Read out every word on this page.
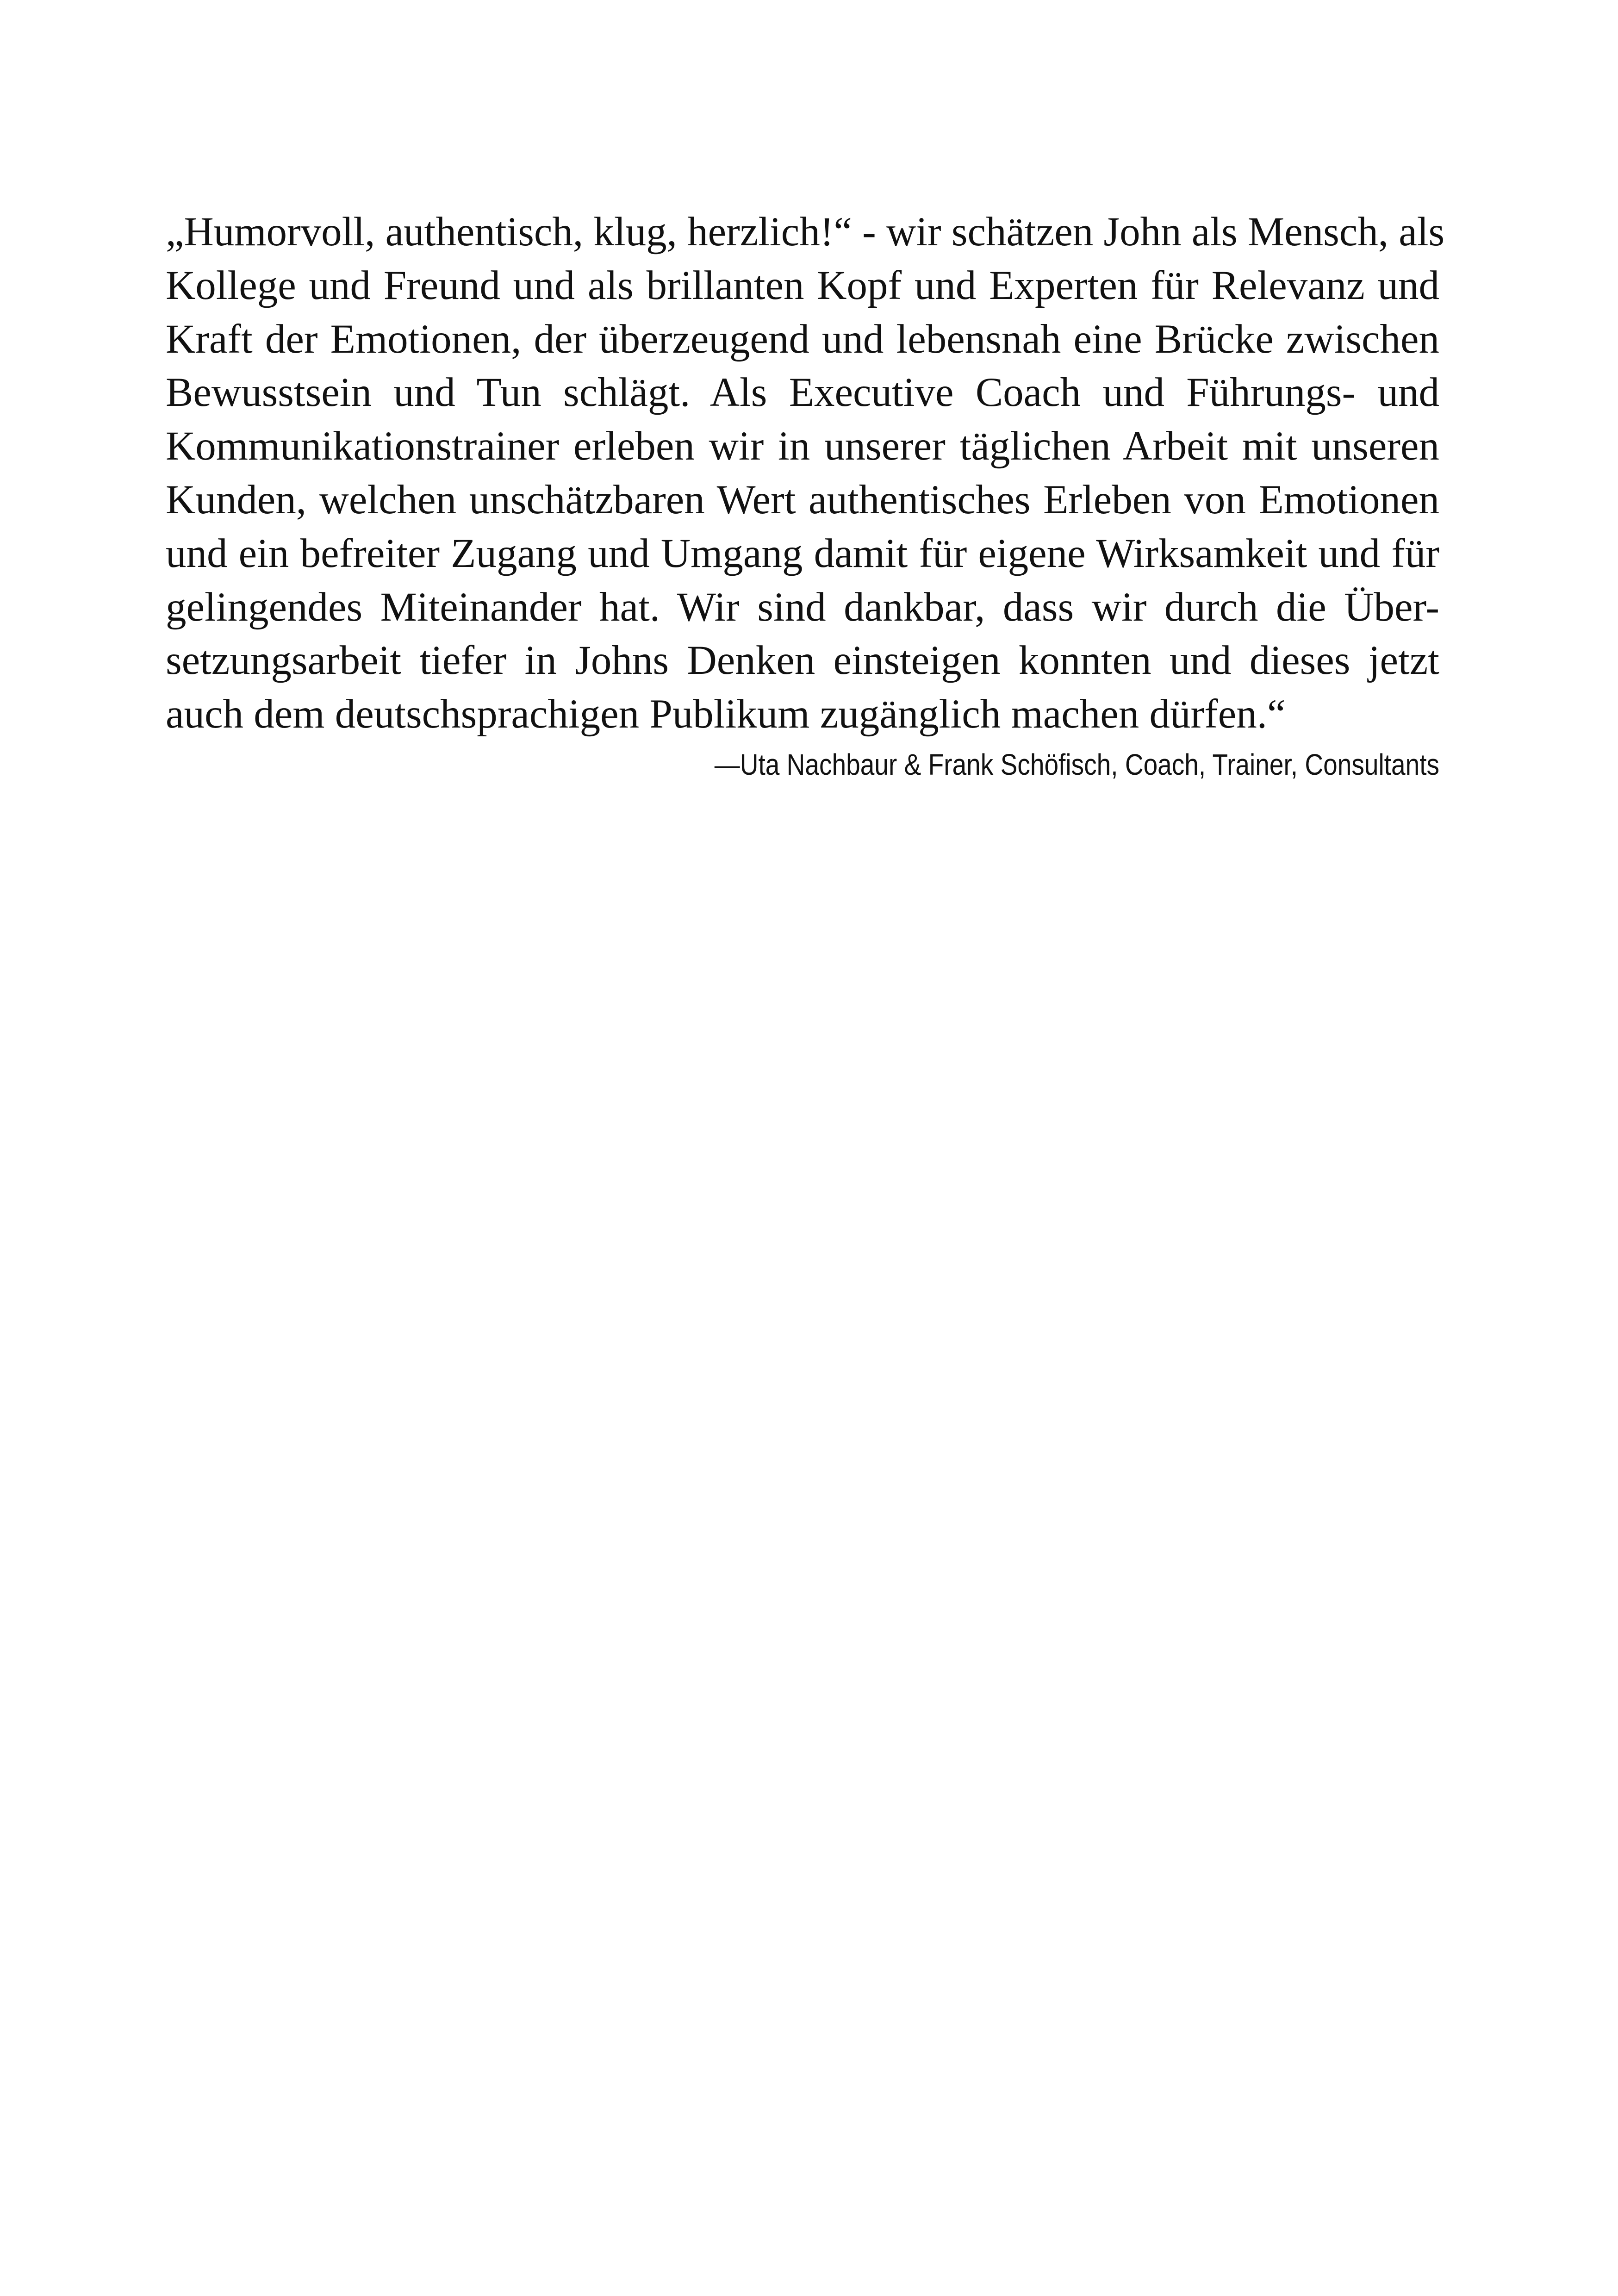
„Humorvoll, authentisch, klug, herzlich!“ - wir schätzen John als Mensch, als
Kollege und Freund und als brillanten Kopf und Experten für Relevanz und
Kraft der Emotionen, der überzeugend und lebensnah eine Brücke zwischen
Bewusstsein und Tun schlägt. Als Executive Coach und Führungs- und
Kommunikationstrainer erleben wir in unserer täglichen Arbeit mit unseren
Kunden, welchen unschätzbaren Wert authentisches Erleben von Emotionen
und ein befreiter Zugang und Umgang damit für eigene Wirksamkeit und für
gelingendes Miteinander hat. Wir sind dankbar, dass wir durch die Über-
setzungsarbeit tiefer in Johns Denken einsteigen konnten und dieses jetzt
auch dem deutschsprachigen Publikum zugänglich machen dürfen.“

—Uta Nachbaur & Frank Schöfisch, Coach, Trainer, Consultants
